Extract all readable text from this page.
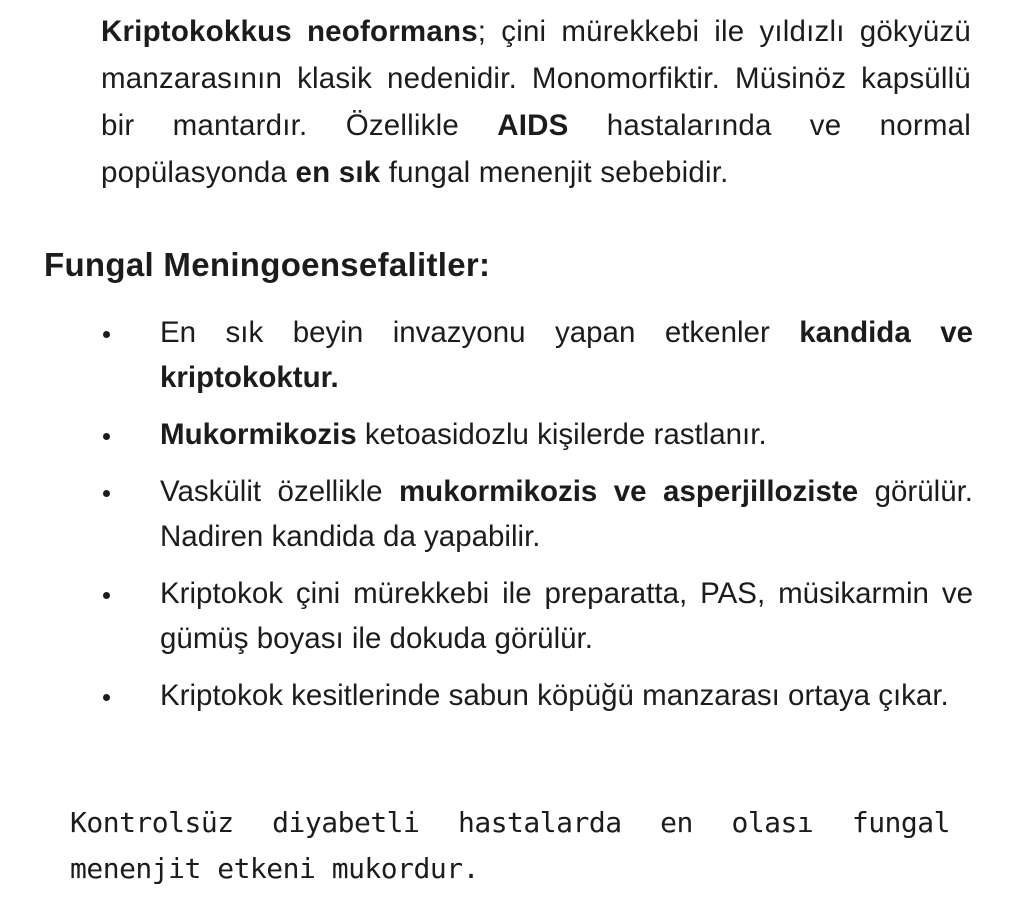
Kriptokokkus neoformans; çini mürekkebi ile yıldızlı gökyüzü manzarasının klasik nedenidir. Monomorfiktir. Müsinöz kapsüllü bir mantardır. Özellikle AIDS hastalarında ve normal popülasyonda en sık fungal menenjit sebebidir.
Fungal Meningoensefalitler:
En sık beyin invazyonu yapan etkenler kandida ve kriptokoktur.
Mukormikozis ketoasidozlu kişilerde rastlanır.
Vaskülit özellikle mukormikozis ve asperjilloziste görülür. Nadiren kandida da yapabilir.
Kriptokok çini mürekkebi ile preparatta, PAS, müsikarmin ve gümüş boyası ile dokuda görülür.
Kriptokok kesitlerinde sabun köpüğü manzarası ortaya çıkar.
Kontrolsüz diyabetli hastalarda en olası fungal menenjit etkeni mukordur.
